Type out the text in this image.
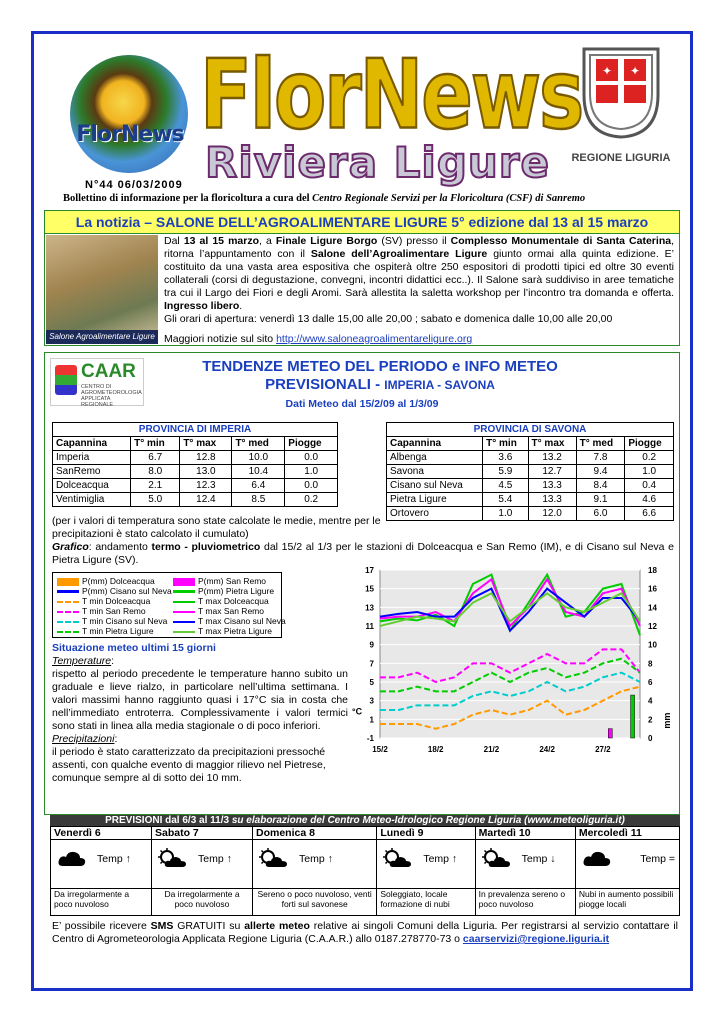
FlorNews FlorNews
Riviera Ligure
✦ ✦
REGIONE LIGURIA
N°44 06/03/2009
Bollettino di informazione per la floricoltura a cura del Centro Regionale Servizi per la Floricoltura (CSF) di Sanremo
La notizia – SALONE DELL’AGROALIMENTARE LIGURE 5° edizione dal 13 al 15 marzo
Salone Agroalimentare Ligure
Dal 13 al 15 marzo, a Finale Ligure Borgo (SV) presso il Complesso Monumentale di Santa Caterina, ritorna l’appuntamento con il Salone dell’Agroalimentare Ligure giunto ormai alla quinta edizione. E’ costituito da una vasta area espositiva che ospiterà oltre 250 espositori di prodotti tipici ed oltre 30 eventi collaterali (corsi di degustazione, convegni, incontri didattici ecc..). Il Salone sarà suddiviso in aree tematiche tra cui il Largo dei Fiori e degli Aromi. Sarà allestita la saletta workshop per l’incontro tra domanda e offerta. Ingresso libero.
Gli orari di apertura: venerdì 13 dalle 15,00 alle 20,00 ; sabato e domenica dalle 10,00 alle 20,00
Maggiori notizie sul sito http://www.saloneagroalimentareligure.org
CAAR
CENTRO DI AGROMETEOROLOGIA APPLICATA REGIONALE
TENDENZE METEO DEL PERIODO e INFO METEO
PREVISIONALI - IMPERIA - SAVONA
Dati Meteo dal 15/2/09 al 1/3/09
PROVINCIA DI IMPERIA				
Capannina	T° min	T° max	T° med	Piogge
Imperia	6.7	12.8	10.0	0.0
SanRemo	8.0	13.0	10.4	1.0
Dolceacqua	2.1	12.3	6.4	0.0
Ventimiglia	5.0	12.4	8.5	0.2
PROVINCIA DI SAVONA				
Capannina	T° min	T° max	T° med	Piogge
Albenga	3.6	13.2	7.8	0.2
Savona	5.9	12.7	9.4	1.0
Cisano sul Neva	4.5	13.3	8.4	0.4
Pietra Ligure	5.4	13.3	9.1	4.6
Ortovero	1.0	12.0	6.0	6.6
(per i valori di temperatura sono state calcolate le medie, mentre per le precipitazioni è stato calcolato il cumulato)
Grafico: andamento termo - pluviometrico dal 15/2 al 1/3 per le stazioni di Dolceacqua e San Remo (IM), e di Cisano sul Neva e Pietra Ligure (SV).
P(mm) Dolceacqua	P(mm) San Remo
P(mm) Cisano sul Neva	P(mm) Pietra Ligure
T min Dolceacqua	T max Dolceacqua
T min San Remo	T max San Remo
T min Cisano sul Neva	T max Cisano sul Neva
T min Pietra Ligure	T max Pietra Ligure
Situazione meteo ultimi 15 giorni
Temperature:
rispetto al periodo precedente le temperature hanno subito un graduale e lieve rialzo, in particolare nell’ultima settimana. I valori massimi hanno raggiunto quasi i 17°C sia in costa che nell’immediato entroterra. Complessivamente i valori termici sono stati in linea alla media stagionale o di poco inferiori.
Precipitazioni:
il periodo è stato caratterizzato da precipitazioni pressoché assenti, con qualche evento di maggior rilievo nel Pietrese, comunque sempre al di sotto dei 10 mm.
17
15
13
11
9
7
5
3
1
-1
18
16
14
12
10
8
6
4
2
0
15/2	18/2	21/2	24/2	27/2
°C
mm
PREVISIONI dal 6/3 al 11/3 su elaborazione del Centro Meteo-Idrologico Regione Liguria (www.meteoliguria.it)
Venerdì 6	Sabato 7	Domenica 8	Lunedì 9	Martedì 10	Mercoledì 11

Temp ↑	Temp ↑	Temp ↑	Temp ↑	Temp ↓	Temp =

Da irregolarmente a poco nuvoloso	Da irregolarmente a poco nuvoloso	Sereno o poco nuvoloso, venti forti sul savonese	Soleggiato, locale formazione di nubi	In prevalenza sereno o poco nuvoloso	Nubi in aumento possibili piogge locali
E’ possibile ricevere SMS GRATUITI su allerte meteo relative ai singoli Comuni della Liguria. Per registrarsi al servizio contattare il Centro di Agrometeorologia Applicata Regione Liguria (C.A.A.R.) allo 0187.278770-73 o caarservizi@regione.liguria.it
